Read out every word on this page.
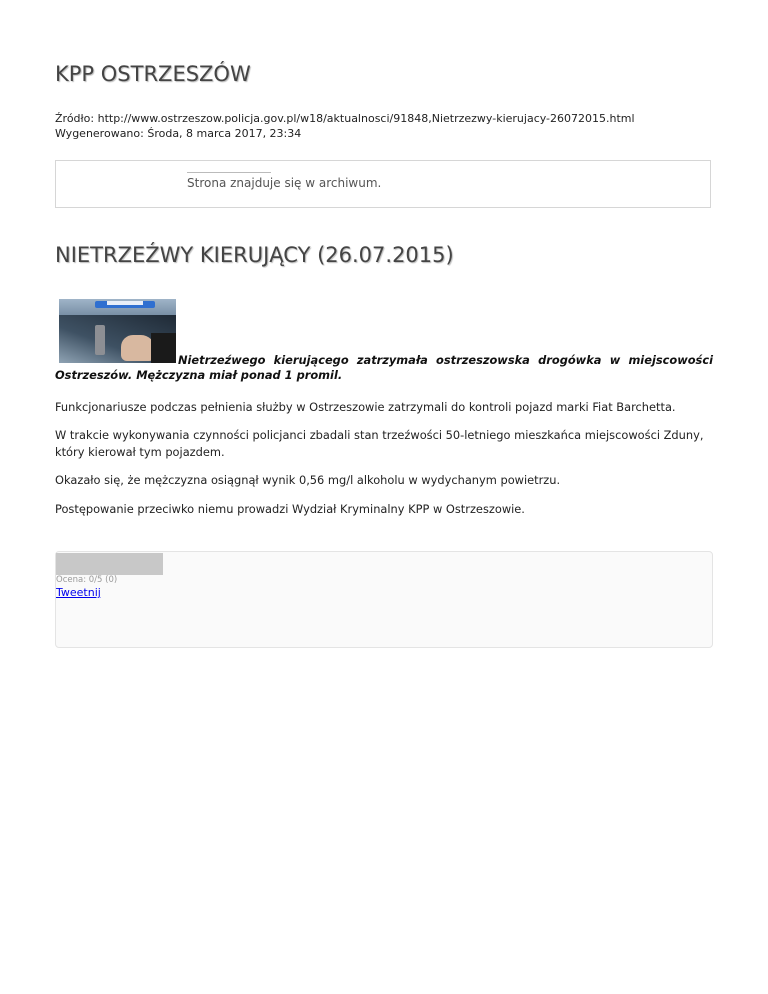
KPP OSTRZESZÓW
Źródło: http://www.ostrzeszow.policja.gov.pl/w18/aktualnosci/91848,Nietrzezwy-kierujacy-26072015.html
Wygenerowano: Środa, 8 marca 2017, 23:34
Strona znajduje się w archiwum.
NIETRZEŹWY KIERUJĄCY (26.07.2015)

Nietrzeźwego kierującego zatrzymała ostrzeszowska drogówka w miejscowości Ostrzeszów. Mężczyzna miał ponad 1 promil.

Funkcjonariusze podczas pełnienia służby w Ostrzeszowie zatrzymali do kontroli pojazd marki Fiat Barchetta.

W trakcie wykonywania czynności policjanci zbadali stan trzeźwości 50-letniego mieszkańca miejscowości Zduny, który kierował tym pojazdem.

Okazało się, że mężczyzna osiągnął wynik 0,56 mg/l alkoholu w wydychanym powietrzu.

Postępowanie przeciwko niemu prowadzi Wydział Kryminalny KPP w Ostrzeszowie.

Ocena: 0/5 (0)
Tweetnij
